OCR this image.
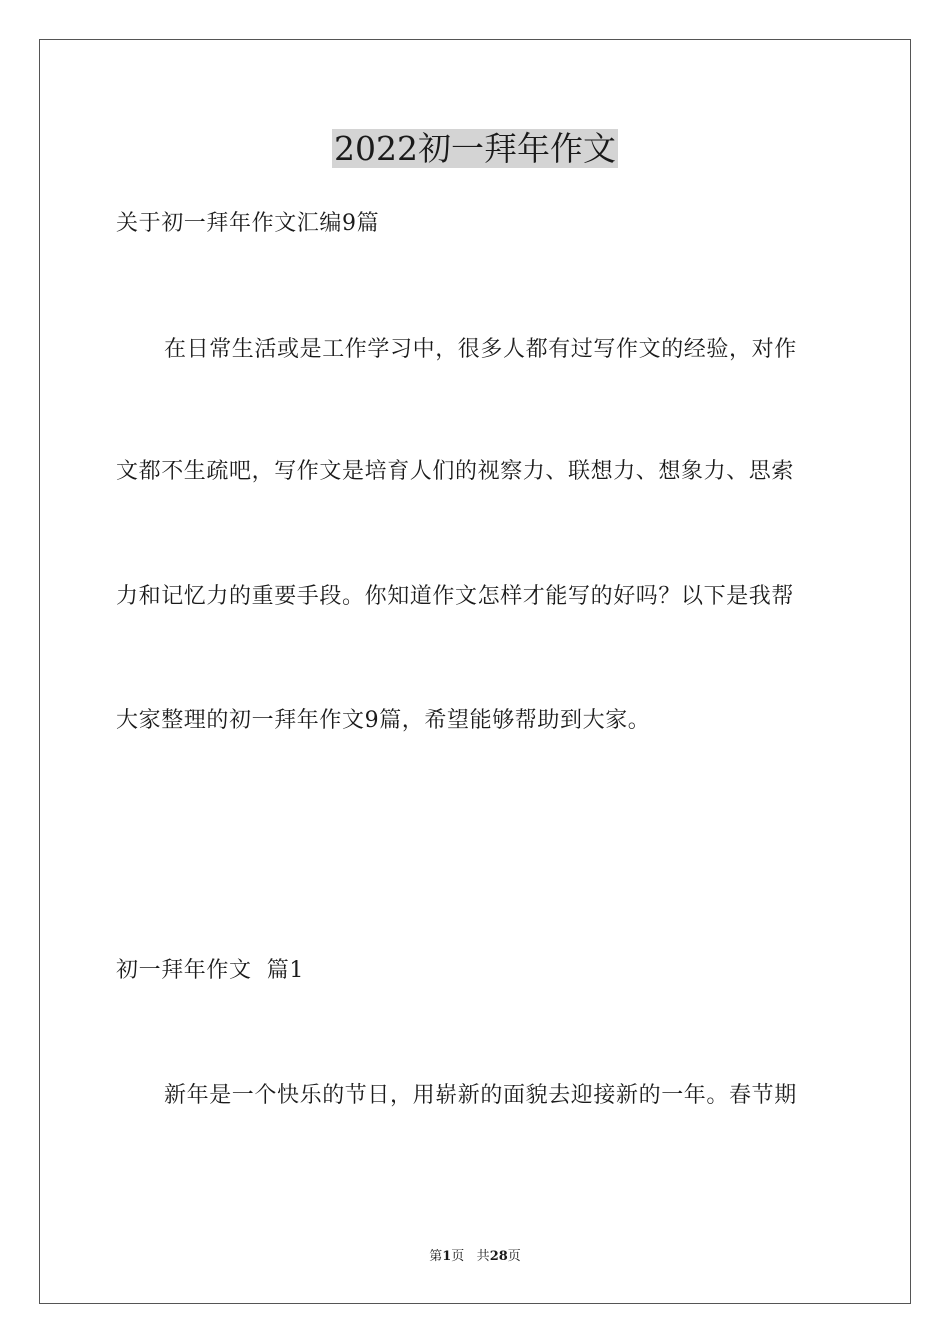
2022初一拜年作文
关于初一拜年作文汇编9篇
在日常生活或是工作学习中，很多人都有过写作文的经验，对作
文都不生疏吧，写作文是培育人们的视察力、联想力、想象力、思索
力和记忆力的重要手段。你知道作文怎样才能写的好吗？以下是我帮
大家整理的初一拜年作文9篇，希望能够帮助到大家。
初一拜年作文  篇1
新年是一个快乐的节日，用崭新的面貌去迎接新的一年。春节期
第1页 共28页
